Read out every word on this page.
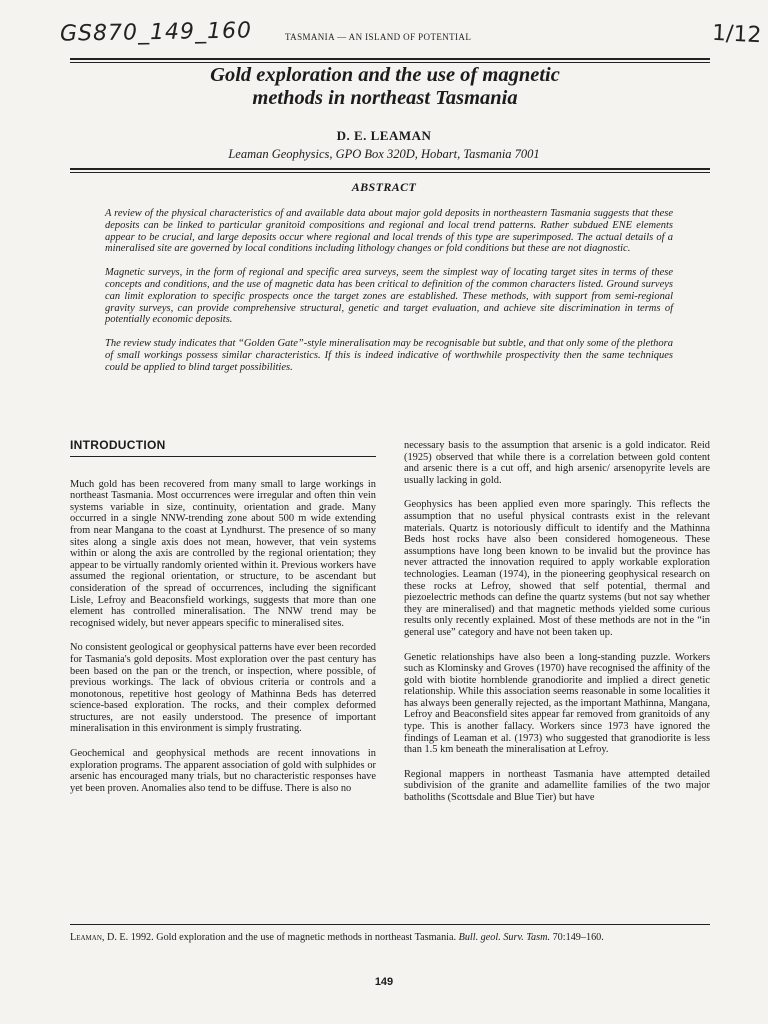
GS870_149_160	TASMANIA — AN ISLAND OF POTENTIAL	1/12
Gold exploration and the use of magnetic
methods in northeast Tasmania
D. E. LEAMAN
Leaman Geophysics, GPO Box 320D, Hobart, Tasmania 7001
ABSTRACT

A review of the physical characteristics of and available data about major gold deposits in northeastern Tasmania suggests that these deposits can be linked to particular granitoid compositions and regional and local trend patterns. Rather subdued ENE elements appear to be crucial, and large deposits occur where regional and local trends of this type are superimposed. The actual details of a mineralised site are governed by local conditions including lithology changes or fold conditions but these are not diagnostic.

Magnetic surveys, in the form of regional and specific area surveys, seem the simplest way of locating target sites in terms of these concepts and conditions, and the use of magnetic data has been critical to definition of the common characters listed. Ground surveys can limit exploration to specific prospects once the target zones are established. These methods, with support from semi-regional gravity surveys, can provide comprehensive structural, genetic and target evaluation, and achieve site discrimination in terms of potentially economic deposits.

The review study indicates that “Golden Gate”-style mineralisation may be recognisable but subtle, and that only some of the plethora of small workings possess similar characteristics. If this is indeed indicative of worthwhile prospectivity then the same techniques could be applied to blind target possibilities.

INTRODUCTION

Much gold has been recovered from many small to large workings in northeast Tasmania. Most occurrences were irregular and often thin vein systems variable in size, continuity, orientation and grade. Many occurred in a single NNW-trending zone about 500 m wide extending from near Mangana to the coast at Lyndhurst. The presence of so many sites along a single axis does not mean, however, that vein systems within or along the axis are controlled by the regional orientation; they appear to be virtually randomly oriented within it. Previous workers have assumed the regional orientation, or structure, to be ascendant but consideration of the spread of occurrences, including the significant Lisle, Lefroy and Beaconsfield workings, suggests that more than one element has controlled mineralisation. The NNW trend may be recognised widely, but never appears specific to mineralised sites.

No consistent geological or geophysical patterns have ever been recorded for Tasmania's gold deposits. Most exploration over the past century has been based on the pan or the trench, or inspection, where possible, of previous workings. The lack of obvious criteria or controls and a monotonous, repetitive host geology of Mathinna Beds has deterred science-based exploration. The rocks, and their complex deformed structures, are not easily understood. The presence of important mineralisation in this environment is simply frustrating.

Geochemical and geophysical methods are recent innovations in exploration programs. The apparent association of gold with sulphides or arsenic has encouraged many trials, but no characteristic responses have yet been proven. Anomalies also tend to be diffuse. There is also no

necessary basis to the assumption that arsenic is a gold indicator. Reid (1925) observed that while there is a correlation between gold content and arsenic there is a cut off, and high arsenic/ arsenopyrite levels are usually lacking in gold.

Geophysics has been applied even more sparingly. This reflects the assumption that no useful physical contrasts exist in the relevant materials. Quartz is notoriously difficult to identify and the Mathinna Beds host rocks have also been considered homogeneous. These assumptions have long been known to be invalid but the province has never attracted the innovation required to apply workable exploration technologies. Leaman (1974), in the pioneering geophysical research on these rocks at Lefroy, showed that self potential, thermal and piezoelectric methods can define the quartz systems (but not say whether they are mineralised) and that magnetic methods yielded some curious results only recently explained. Most of these methods are not in the “in general use” category and have not been taken up.

Genetic relationships have also been a long-standing puzzle. Workers such as Klominsky and Groves (1970) have recognised the affinity of the gold with biotite hornblende granodiorite and implied a direct genetic relationship. While this association seems reasonable in some localities it has always been generally rejected, as the important Mathinna, Mangana, Lefroy and Beaconsfield sites appear far removed from granitoids of any type. This is another fallacy. Workers since 1973 have ignored the findings of Leaman et al. (1973) who suggested that granodiorite is less than 1.5 km beneath the mineralisation at Lefroy.

Regional mappers in northeast Tasmania have attempted detailed subdivision of the granite and adamellite families of the two major batholiths (Scottsdale and Blue Tier) but have

Leaman, D. E. 1992. Gold exploration and the use of magnetic methods in northeast Tasmania. Bull. geol. Surv. Tasm. 70:149–160.
149
